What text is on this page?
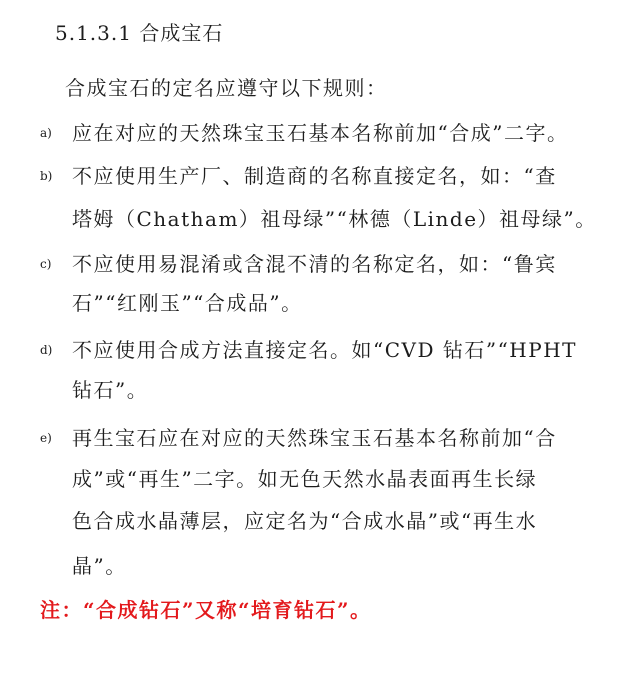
5.1.3.1 合成宝石
合成宝石的定名应遵守以下规则：
a) 应在对应的天然珠宝玉石基本名称前加“合成”二字。
b) 不应使用生产厂、制造商的名称直接定名，如：“查
塔姆（Chatham）祖母绿”“林德（Linde）祖母绿”。
c) 不应使用易混淆或含混不清的名称定名，如：“鲁宾
石”“红刚玉”“合成品”。
d) 不应使用合成方法直接定名。如“CVD 钻石”“HPHT
钻石”。
e) 再生宝石应在对应的天然珠宝玉石基本名称前加“合
成”或“再生”二字。如无色天然水晶表面再生长绿
色合成水晶薄层，应定名为“合成水晶”或“再生水
晶”。
注：“合成钻石”又称“培育钻石”。
